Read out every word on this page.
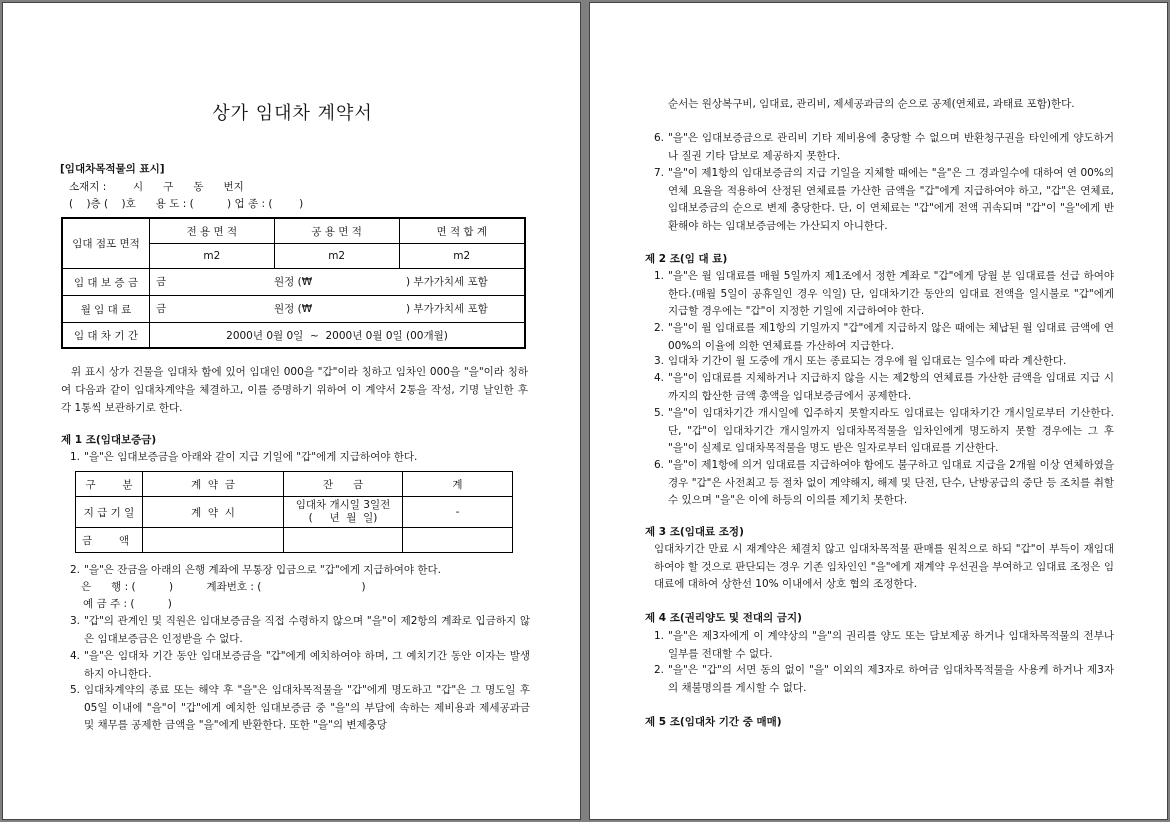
상가 임대차 계약서
[임대차목적물의 표시]
소재지 :        시      구      동      번지
(    )층 (    )호      용 도 : (          ) 업 종 : (        )
임대 점포 면적	전 용 면 적	공 용 면 적	면 적 합 계
	m2	m2	m2
임 대 보 증 금	금 원정 (₩ ) 부가가치세 포함		

월 임 대 료	금 원정 (₩ ) 부가가치세 포함		

임 대 차 기 간	2000년 0월 0일  ~  2000년 0월 0일 (00개월)		
위 표시 상가 건물을 임대차 함에 있어 임대인 000을 "갑"이라 칭하고 임차인 000을 "을"이라 칭하여 다음과 같이 임대차계약을 체결하고, 이를 증명하기 위하여 이 계약서 2통을 작성, 기명 날인한 후 각 1통씩 보관하기로 한다.
제 1 조(임대보증금)
1. "을"은 임대보증금을 아래와 같이 지급 기일에 "갑"에게 지급하여야 한다.
구        분	계  약  금	잔      금	계
지 급 기 일	계  약  시	임대차 개시일 3일전
(     년  월  일)	-
금        액			
2. "을"은 잔금을 아래의 은행 계좌에 무통장 입금으로 "갑"에게 지급하여야 한다.
은      행 : (          )          계좌번호 : (                              )
예 금 주 : (          )
3. "갑"의 관계인 및 직원은 임대보증금을 직접 수령하지 않으며 "을"이 제2항의 계좌로 입금하지 않은 임대보증금은 인정받을 수 없다.
4. "을"은 임대차 기간 동안 임대보증금을 "갑"에게 예치하여야 하며, 그 예치기간 동안 이자는 발생하지 아니한다.
5. 임대차계약의 종료 또는 해약 후 "을"은 임대차목적물을 "갑"에게 명도하고 "갑"은 그 명도일 후 05일 이내에 "을"이 "갑"에게 예치한 임대보증금 중 "을"의 부담에 속하는 제비용과 제세공과금 및 채무를 공제한 금액을 "을"에게 반환한다. 또한 "을"의 변제충당
순서는 원상복구비, 임대료, 관리비, 제세공과금의 순으로 공제(연체료, 과태료 포함)한다.
6. "을"은 임대보증금으로 관리비 기타 제비용에 충당할 수 없으며 반환청구권을 타인에게 양도하거나 질권 기타 담보로 제공하지 못한다.
7. "을"이 제1항의 임대보증금의 지급 기일을 지체할 때에는 "을"은 그 경과일수에 대하여 연 00%의 연체 요율을 적용하여 산정된 연체료를 가산한 금액을 "갑"에게 지급하여야 하고, "갑"은 연체료, 임대보증금의 순으로 변제 충당한다. 단, 이 연체료는 "갑"에게 전액 귀속되며 "갑"이 "을"에게 반환해야 하는 임대보증금에는 가산되지 아니한다.
제 2 조(임 대 료)
1. "을"은 월 임대료를 매월 5일까지 제1조에서 정한 계좌로 "갑"에게 당월 분 임대료를 선급 하여야 한다.(매월 5일이 공휴일인 경우 익일) 단, 임대차기간 동안의 임대료 전액을 일시불로 "갑"에게 지급할 경우에는 "갑"이 지정한 기일에 지급하여야 한다.
2. "을"이 월 임대료를 제1항의 기일까지 "갑"에게 지급하지 않은 때에는 체납된 월 임대료 금액에 연 00%의 이율에 의한 연체료를 가산하여 지급한다.
3. 임대차 기간이 월 도중에 개시 또는 종료되는 경우에 월 임대료는 일수에 따라 계산한다.
4. "을"이 임대료를 지체하거나 지급하지 않을 시는 제2항의 연체료를 가산한 금액을 임대료 지급 시까지의 합산한 금액 총액을 임대보증금에서 공제한다.
5. "을"이 임대차기간 개시일에 입주하지 못할지라도 임대료는 임대차기간 개시일로부터 기산한다. 단, "갑"이 임대차기간 개시일까지 임대차목적물을 임차인에게 명도하지 못할 경우에는 그 후 "을"이 실제로 임대차목적물을 명도 받은 일자로부터 임대료를 기산한다.
6. "을"이 제1항에 의거 임대료를 지급하여야 함에도 불구하고 임대료 지급을 2개월 이상 연체하였을 경우 "갑"은 사전최고 등 절차 없이 계약해지, 해제 및 단전, 단수, 난방공급의 중단 등 조치를 취할 수 있으며 "을"은 이에 하등의 이의를 제기치 못한다.
제 3 조(임대료 조정)
임대차기간 만료 시 재계약은 체결치 않고 임대차목적물 판매를 원칙으로 하되 "갑"이 부득이 재임대 하여야 할 것으로 판단되는 경우 기존 임차인인 "을"에게 재계약 우선권을 부여하고 임대료 조정은 임대료에 대하여 상한선 10% 이내에서 상호 협의 조정한다.
제 4 조(권리양도 및 전대의 금지)
1. "을"은 제3자에게 이 계약상의 "을"의 권리를 양도 또는 담보제공 하거나 임대차목적물의 전부나 일부를 전대할 수 없다.
2. "을"은 "갑"의 서면 동의 없이 "을" 이외의 제3자로 하여금 임대차목적물을 사용케 하거나 제3자의 채불명의를 게시할 수 없다.
제 5 조(임대차 기간 중 매매)
